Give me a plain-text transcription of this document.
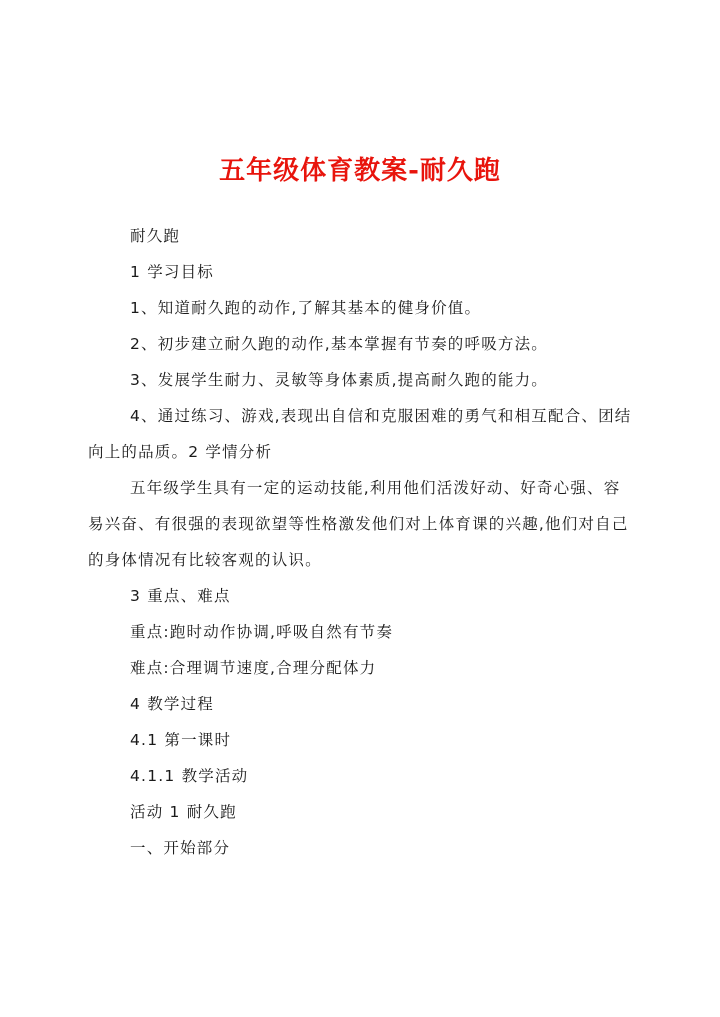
五年级体育教案-耐久跑

耐久跑

1 学习目标

1、知道耐久跑的动作,了解其基本的健身价值。

2、初步建立耐久跑的动作,基本掌握有节奏的呼吸方法。

3、发展学生耐力、灵敏等身体素质,提高耐久跑的能力。

4、通过练习、游戏,表现出自信和克服困难的勇气和相互配合、团结向上的品质。2 学情分析

五年级学生具有一定的运动技能,利用他们活泼好动、好奇心强、容易兴奋、有很强的表现欲望等性格激发他们对上体育课的兴趣,他们对自己的身体情况有比较客观的认识。

3 重点、难点

重点:跑时动作协调,呼吸自然有节奏

难点:合理调节速度,合理分配体力

4 教学过程

4.1 第一课时

4.1.1 教学活动

活动 1 耐久跑

一、开始部分
